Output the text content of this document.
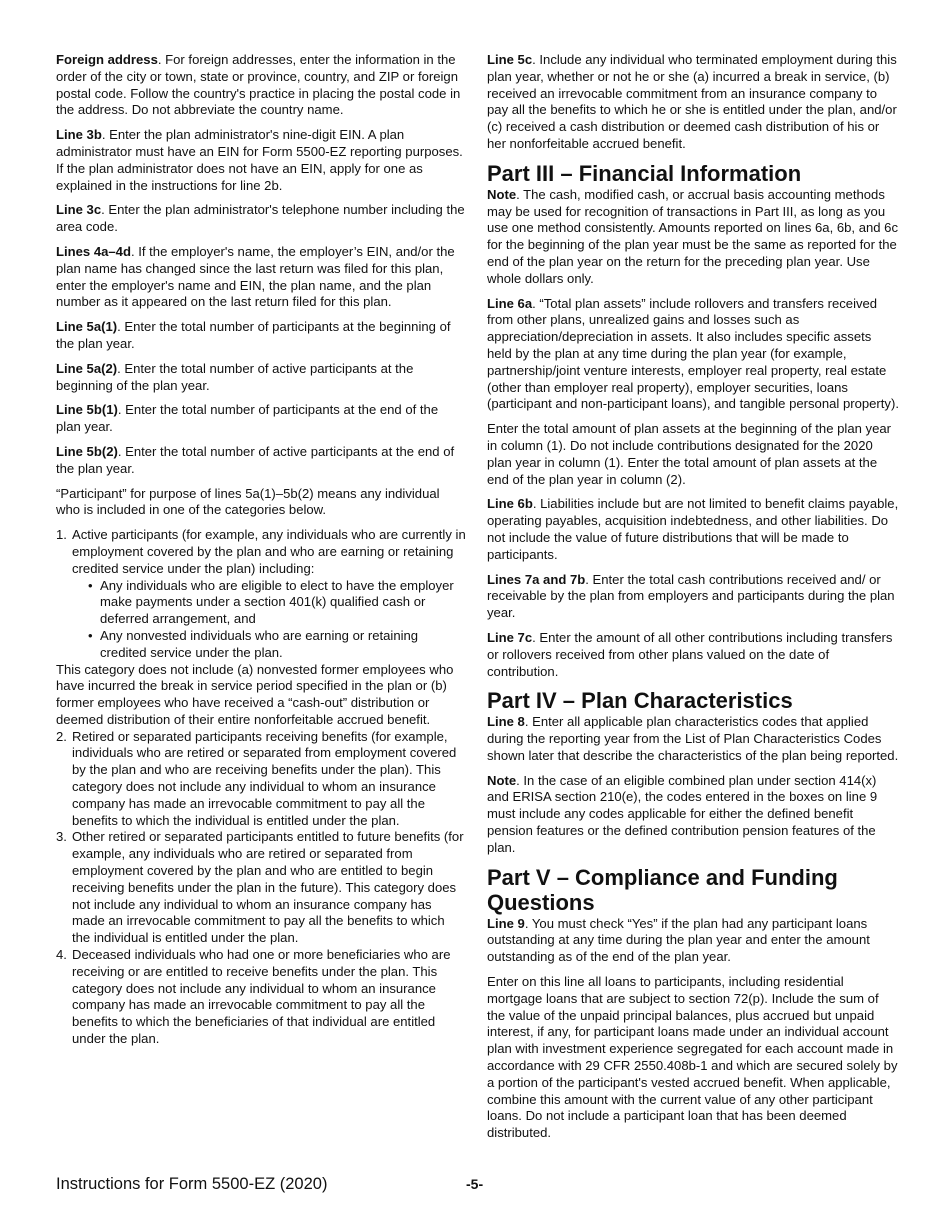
Foreign address. For foreign addresses, enter the information in the order of the city or town, state or province, country, and ZIP or foreign postal code. Follow the country's practice in placing the postal code in the address. Do not abbreviate the country name.

Line 3b. Enter the plan administrator's nine-digit EIN. A plan administrator must have an EIN for Form 5500-EZ reporting purposes. If the plan administrator does not have an EIN, apply for one as explained in the instructions for line 2b.

Line 3c. Enter the plan administrator's telephone number including the area code.

Lines 4a–4d. If the employer's name, the employer’s EIN, and/or the plan name has changed since the last return was filed for this plan, enter the employer's name and EIN, the plan name, and the plan number as it appeared on the last return filed for this plan.

Line 5a(1). Enter the total number of participants at the beginning of the plan year.

Line 5a(2). Enter the total number of active participants at the beginning of the plan year.

Line 5b(1). Enter the total number of participants at the end of the plan year.

Line 5b(2). Enter the total number of active participants at the end of the plan year.

“Participant” for purpose of lines 5a(1)–5b(2) means any individual who is included in one of the categories below.

1. Active participants (for example, any individuals who are currently in employment covered by the plan and who are earning or retaining credited service under the plan) including:
• Any individuals who are eligible to elect to have the employer make payments under a section 401(k) qualified cash or deferred arrangement, and
• Any nonvested individuals who are earning or retaining credited service under the plan.

This category does not include (a) nonvested former employees who have incurred the break in service period specified in the plan or (b) former employees who have received a “cash-out” distribution or deemed distribution of their entire nonforfeitable accrued benefit.

2. Retired or separated participants receiving benefits (for example, individuals who are retired or separated from employment covered by the plan and who are receiving benefits under the plan). This category does not include any individual to whom an insurance company has made an irrevocable commitment to pay all the benefits to which the individual is entitled under the plan.
3. Other retired or separated participants entitled to future benefits (for example, any individuals who are retired or separated from employment covered by the plan and who are entitled to begin receiving benefits under the plan in the future). This category does not include any individual to whom an insurance company has made an irrevocable commitment to pay all the benefits to which the individual is entitled under the plan.
4. Deceased individuals who had one or more beneficiaries who are receiving or are entitled to receive benefits under the plan. This category does not include any individual to whom an insurance company has made an irrevocable commitment to pay all the benefits to which the beneficiaries of that individual are entitled under the plan.

Line 5c. Include any individual who terminated employment during this plan year, whether or not he or she (a) incurred a break in service, (b) received an irrevocable commitment from an insurance company to pay all the benefits to which he or she is entitled under the plan, and/or (c) received a cash distribution or deemed cash distribution of his or her nonforfeitable accrued benefit.

Part III – Financial Information

Note. The cash, modified cash, or accrual basis accounting methods may be used for recognition of transactions in Part III, as long as you use one method consistently. Amounts reported on lines 6a, 6b, and 6c for the beginning of the plan year must be the same as reported for the end of the plan year on the return for the preceding plan year. Use whole dollars only.

Line 6a. “Total plan assets” include rollovers and transfers received from other plans, unrealized gains and losses such as appreciation/depreciation in assets. It also includes specific assets held by the plan at any time during the plan year (for example, partnership/joint venture interests, employer real property, real estate (other than employer real property), employer securities, loans (participant and non-participant loans), and tangible personal property).

Enter the total amount of plan assets at the beginning of the plan year in column (1). Do not include contributions designated for the 2020 plan year in column (1). Enter the total amount of plan assets at the end of the plan year in column (2).

Line 6b. Liabilities include but are not limited to benefit claims payable, operating payables, acquisition indebtedness, and other liabilities. Do not include the value of future distributions that will be made to participants.

Lines 7a and 7b. Enter the total cash contributions received and/ or receivable by the plan from employers and participants during the plan year.

Line 7c. Enter the amount of all other contributions including transfers or rollovers received from other plans valued on the date of contribution.

Part IV – Plan Characteristics

Line 8. Enter all applicable plan characteristics codes that applied during the reporting year from the List of Plan Characteristics Codes shown later that describe the characteristics of the plan being reported.

Note. In the case of an eligible combined plan under section 414(x) and ERISA section 210(e), the codes entered in the boxes on line 9 must include any codes applicable for either the defined benefit pension features or the defined contribution pension features of the plan.

Part V – Compliance and Funding Questions

Line 9. You must check “Yes” if the plan had any participant loans outstanding at any time during the plan year and enter the amount outstanding as of the end of the plan year.

Enter on this line all loans to participants, including residential mortgage loans that are subject to section 72(p). Include the sum of the value of the unpaid principal balances, plus accrued but unpaid interest, if any, for participant loans made under an individual account plan with investment experience segregated for each account made in accordance with 29 CFR 2550.408b-1 and which are secured solely by a portion of the participant's vested accrued benefit. When applicable, combine this amount with the current value of any other participant loans. Do not include a participant loan that has been deemed distributed.

Instructions for Form 5500-EZ (2020)	-5-
